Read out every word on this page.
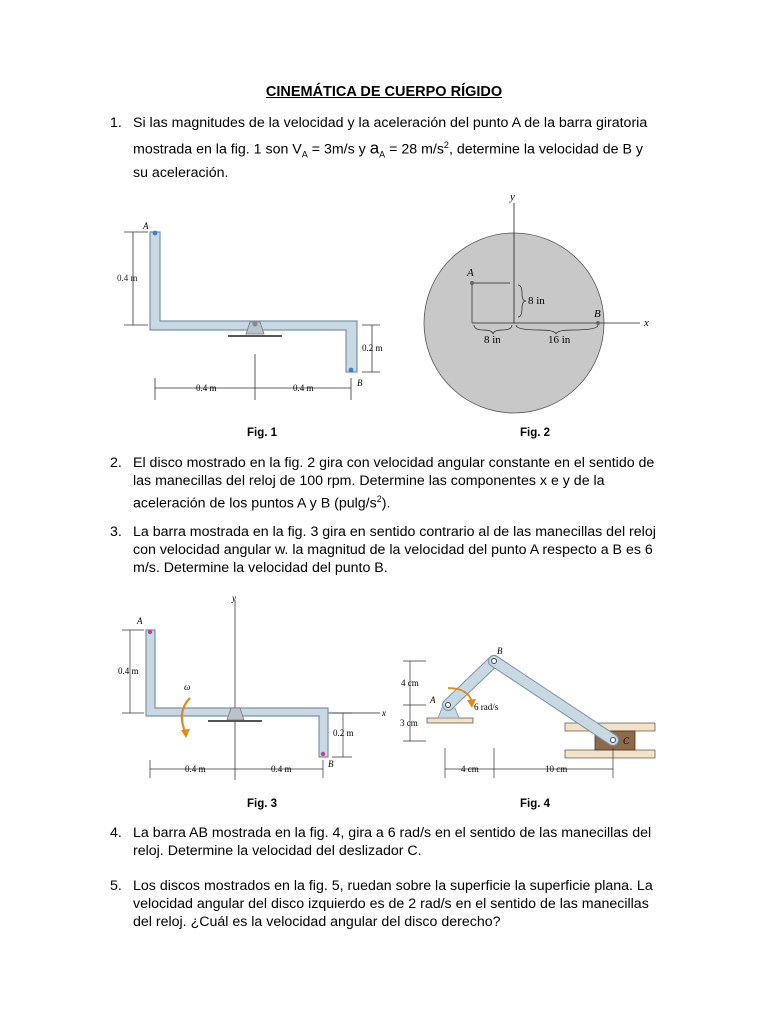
CINEMÁTICA DE CUERPO RÍGIDO
1. Si las magnitudes de la velocidad y la aceleración del punto A de la barra giratoria
mostrada en la fig. 1 son $V_A = 3m/s$ y $a_A = 28$ $m/s^2$, determine la velocidad de B y
su aceleración.
A
B
0.4 m
0.2 m
0.4 m	0.4 m
y
x
A
B
8 in
8 in	16 in
Fig. 1	Fig. 2
2. El disco mostrado en la fig. 2 gira con velocidad angular constante en el sentido de
las manecillas del reloj de 100 rpm. Determine las componentes x e y de la
aceleración de los puntos A y B $(pulg/s^2)$.
3. La barra mostrada en la fig. 3 gira en sentido contrario al de las manecillas del reloj
con velocidad angular w. la magnitud de la velocidad del punto A respecto a B es 6
m/s. Determine la velocidad del punto B.
A
B
y
x
ω
0.4 m
0.2 m
0.4 m	0.4 m
4 cm
3 cm
4 cm	10 cm
A
B
C
6 rad/s
Fig. 3	Fig. 4
4. La barra AB mostrada en la fig. 4, gira a 6 rad/s en el sentido de las manecillas del
reloj. Determine la velocidad del deslizador C.
5. Los discos mostrados en la fig. 5, ruedan sobre la superficie la superficie plana. La
velocidad angular del disco izquierdo es de 2 rad/s en el sentido de las manecillas
del reloj. ¿Cuál es la velocidad angular del disco derecho?
